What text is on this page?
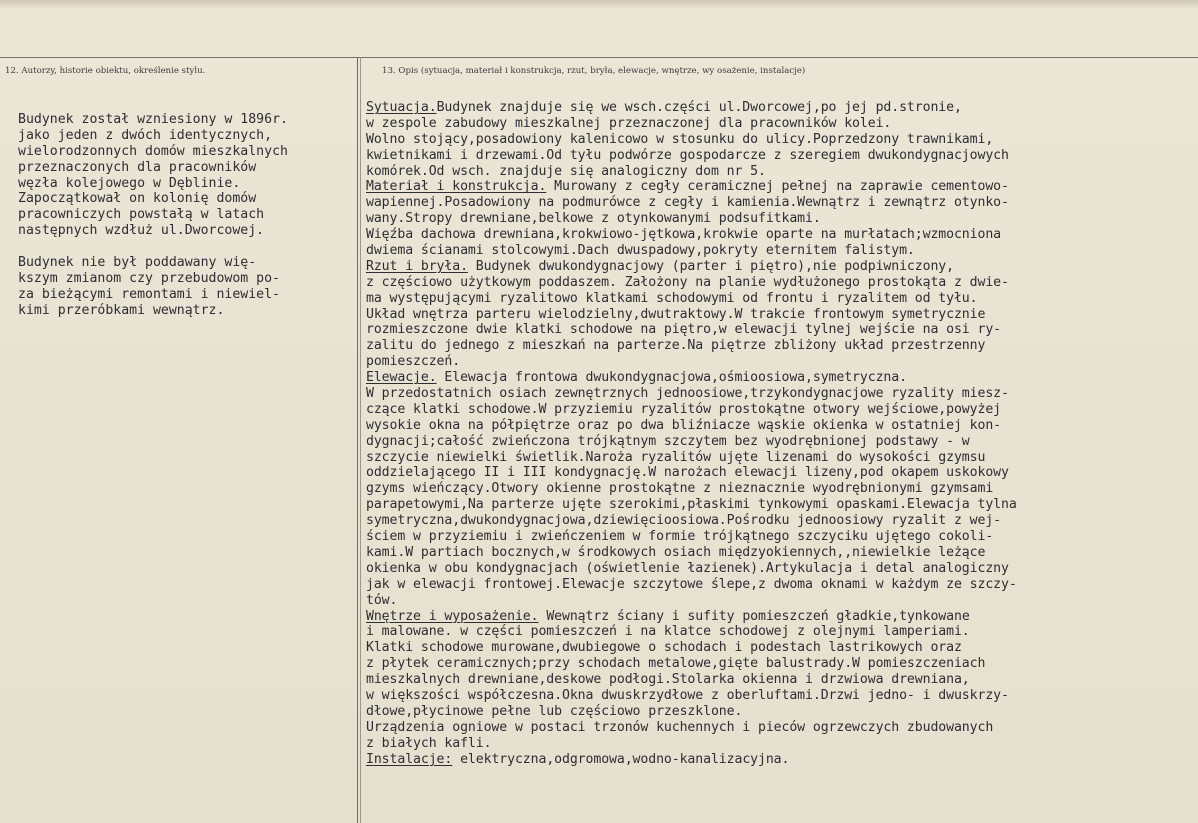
12. Autorzy, historie obiektu, określenie stylu.	13. Opis (sytuacja, materiał i konstrukcja, rzut, bryła, elewacje, wnętrze, wy osażenie, instalacje)
Budynek został wzniesiony w 1896r.
jako jeden z dwóch identycznych,
wielorodzonnych domów mieszkalnych
przeznaczonych dla pracowników
węzła kolejowego w Dęblinie.
Zapoczątkował on kolonię domów
pracowniczych powstałą w latach
następnych wzdłuż ul.Dworcowej.
Budynek nie był poddawany wię-
kszym zmianom czy przebudowom po-
za bieżącymi remontami i niewiel-
kimi przeróbkami wewnątrz.
Sytuacja.Budynek znajduje się we wsch.części ul.Dworcowej,po jej pd.stronie,
w zespole zabudowy mieszkalnej przeznaczonej dla pracowników kolei.
Wolno stojący,posadowiony kalenicowo w stosunku do ulicy.Poprzedzony trawnikami,
kwietnikami i drzewami.Od tyłu podwórze gospodarcze z szeregiem dwukondygnacjowych
komórek.Od wsch. znajduje się analogiczny dom nr 5.
Materiał i konstrukcja. Murowany z cegły ceramicznej pełnej na zaprawie cementowo-
wapiennej.Posadowiony na podmurówce z cegły i kamienia.Wewnątrz i zewnątrz otynko-
wany.Stropy drewniane,belkowe z otynkowanymi podsufitkami.
Więźba dachowa drewniana,krokwiowo-jętkowa,krokwie oparte na murłatach;wzmocniona
dwiema ścianami stolcowymi.Dach dwuspadowy,pokryty eternitem falistym.
Rzut i bryła. Budynek dwukondygnacjowy (parter i piętro),nie podpiwniczony,
z częściowo użytkowym poddaszem. Założony na planie wydłużonego prostokąta z dwie-
ma występującymi ryzalitowo klatkami schodowymi od frontu i ryzalitem od tyłu.
Układ wnętrza parteru wielodzielny,dwutraktowy.W trakcie frontowym symetrycznie
rozmieszczone dwie klatki schodowe na piętro,w elewacji tylnej wejście na osi ry-
zalitu do jednego z mieszkań na parterze.Na piętrze zbliżony układ przestrzenny
pomieszczeń.
Elewacje. Elewacja frontowa dwukondygnacjowa,ośmioosiowa,symetryczna.
W przedostatnich osiach zewnętrznych jednoosiowe,trzykondygnacjowe ryzality miesz-
czące klatki schodowe.W przyziemiu ryzalitów prostokątne otwory wejściowe,powyżej
wysokie okna na półpiętrze oraz po dwa bliźniacze wąskie okienka w ostatniej kon-
dygnacji;całość zwieńczona trójkątnym szczytem bez wyodrębnionej podstawy - w
szczycie niewielki świetlik.Naroża ryzalitów ujęte lizenami do wysokości gzymsu
oddzielającego II i III kondygnację.W narożach elewacji lizeny,pod okapem uskokowy
gzyms wieńczący.Otwory okienne prostokątne z nieznacznie wyodrębnionymi gzymsami
parapetowymi,Na parterze ujęte szerokimi,płaskimi tynkowymi opaskami.Elewacja tylna
symetryczna,dwukondygnacjowa,dziewięcioosiowa.Pośrodku jednoosiowy ryzalit z wej-
ściem w przyziemiu i zwieńczeniem w formie trójkątnego szczyciku ujętego cokoli-
kami.W partiach bocznych,w środkowych osiach międzyokiennych,,niewielkie leżące
okienka w obu kondygnacjach (oświetlenie łazienek).Artykulacja i detal analogiczny
jak w elewacji frontowej.Elewacje szczytowe ślepe,z dwoma oknami w każdym ze szczy-
tów.
Wnętrze i wyposażenie. Wewnątrz ściany i sufity pomieszczeń gładkie,tynkowane
i malowane. w części pomieszczeń i na klatce schodowej z olejnymi lamperiami.
Klatki schodowe murowane,dwubiegowe o schodach i podestach lastrikowych oraz
z płytek ceramicznych;przy schodach metalowe,gięte balustrady.W pomieszczeniach
mieszkalnych drewniane,deskowe podłogi.Stolarka okienna i drzwiowa drewniana,
w większości współczesna.Okna dwuskrzydłowe z oberluftami.Drzwi jedno- i dwuskrzy-
dłowe,płycinowe pełne lub częściowo przeszklone.
Urządzenia ogniowe w postaci trzonów kuchennych i pieców ogrzewczych zbudowanych
z białych kafli.
Instalacje: elektryczna,odgromowa,wodno-kanalizacyjna.
